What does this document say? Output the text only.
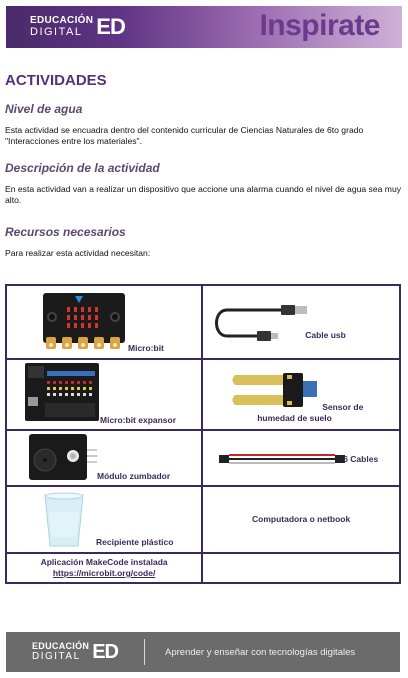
EDUCACIÓN
DIGITAL ED	Inspirate
ACTIVIDADES
Nivel de agua

Esta actividad se encuadra dentro del contenido curricular de Ciencias Naturales de 6to grado "Interacciones entre los materiales".

Descripción de la actividad

En esta actividad van a realizar un dispositivo que accione una alarma cuando el nivel de agua sea muy alto.

Recursos necesarios

Para realizar esta actividad necesitan:

Micro:bit	Cable usb

Micro:bit expansor	Sensor de
humedad de suelo

Módulo zumbador	6 Cables

Recipiente plástico	Computadora o netbook

Aplicación MakeCode instalada
https://microbit.org/code/	
EDUCACIÓN
DIGITAL ED	Aprender y enseñar con tecnologías digitales
